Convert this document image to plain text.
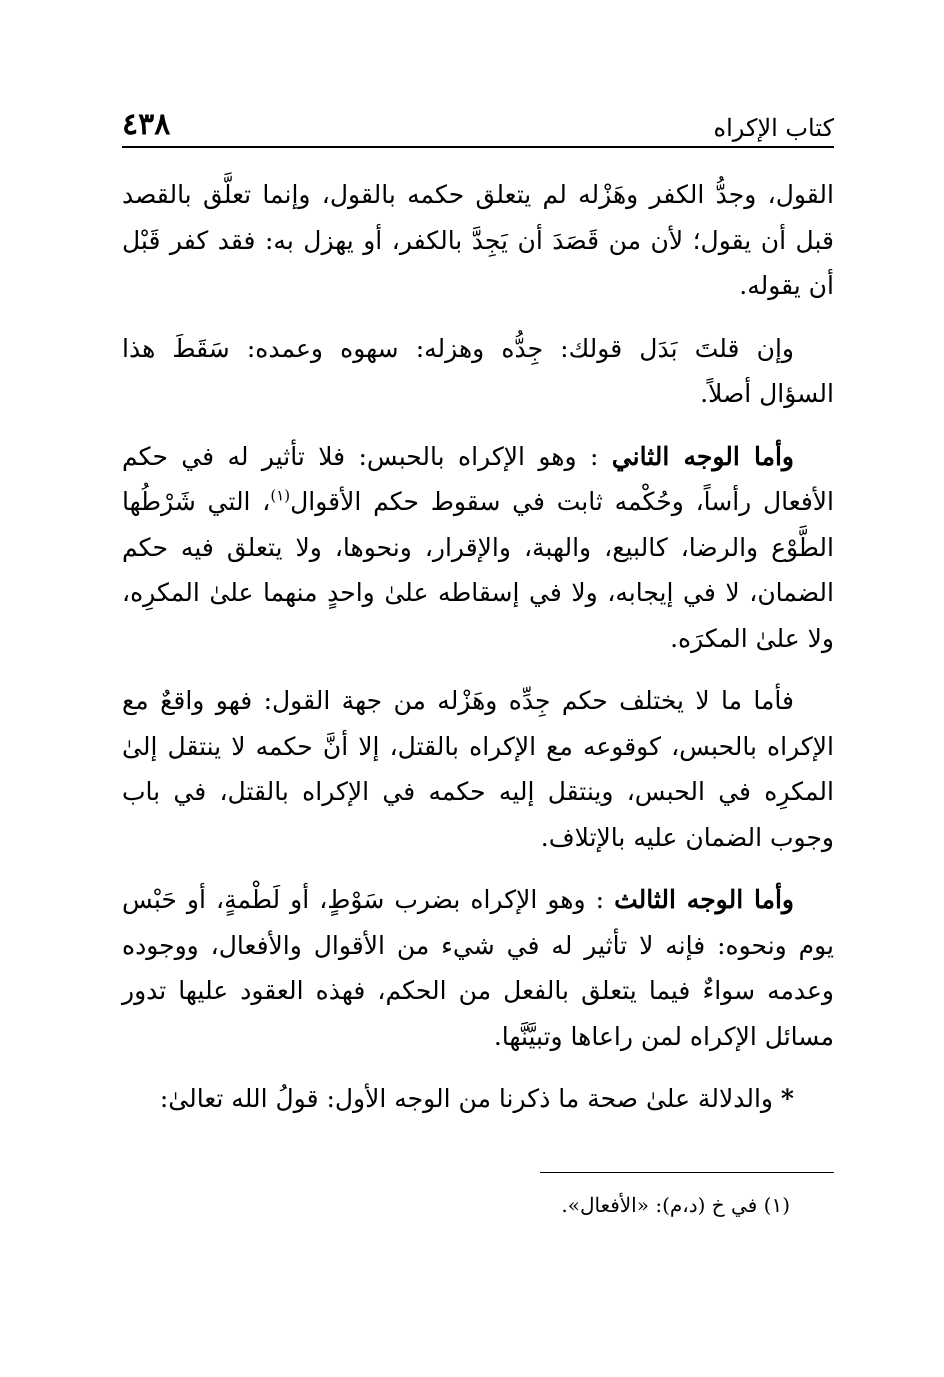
كتاب الإكراه
٤٣٨

القول، وجدُّ الكفر وهَزْله لم يتعلق حكمه بالقول، وإنما تعلَّق بالقصد قبل أن يقول؛ لأن من قَصَدَ أن يَجِدَّ بالكفر، أو يهزل به: فقد كفر قَبْل أن يقوله.

وإن قلتَ بَدَل قولك: جِدُّه وهزله: سهوه وعمده: سَقَطَ هذا السؤال أصلاً.

وأما الوجه الثاني : وهو الإكراه بالحبس: فلا تأثير له في حكم الأفعال رأساً، وحُكْمه ثابت في سقوط حكم الأقوال$^{(١)}$، التي شَرْطُها الطَّوْع والرضا، كالبيع، والهبة، والإقرار، ونحوها، ولا يتعلق فيه حكم الضمان، لا في إيجابه، ولا في إسقاطه علىٰ واحدٍ منهما علىٰ المكرِه، ولا علىٰ المكرَه.

فأما ما لا يختلف حكم جِدِّه وهَزْله من جهة القول: فهو واقعٌ مع الإكراه بالحبس، كوقوعه مع الإكراه بالقتل، إلا أنَّ حكمه لا ينتقل إلىٰ المكرِه في الحبس، وينتقل إليه حكمه في الإكراه بالقتل، في باب وجوب الضمان عليه بالإتلاف.

وأما الوجه الثالث : وهو الإكراه بضرب سَوْطٍ، أو لَطْمةٍ، أو حَبْس يوم ونحوه: فإنه لا تأثير له في شيء من الأقوال والأفعال، ووجوده وعدمه سواءٌ فيما يتعلق بالفعل من الحكم، فهذه العقود عليها تدور مسائل الإكراه لمن راعاها وتبيَّنَّها.

* والدلالة علىٰ صحة ما ذكرنا من الوجه الأول: قولُ الله تعالىٰ:

(١) في خ (د،م): «الأفعال».
